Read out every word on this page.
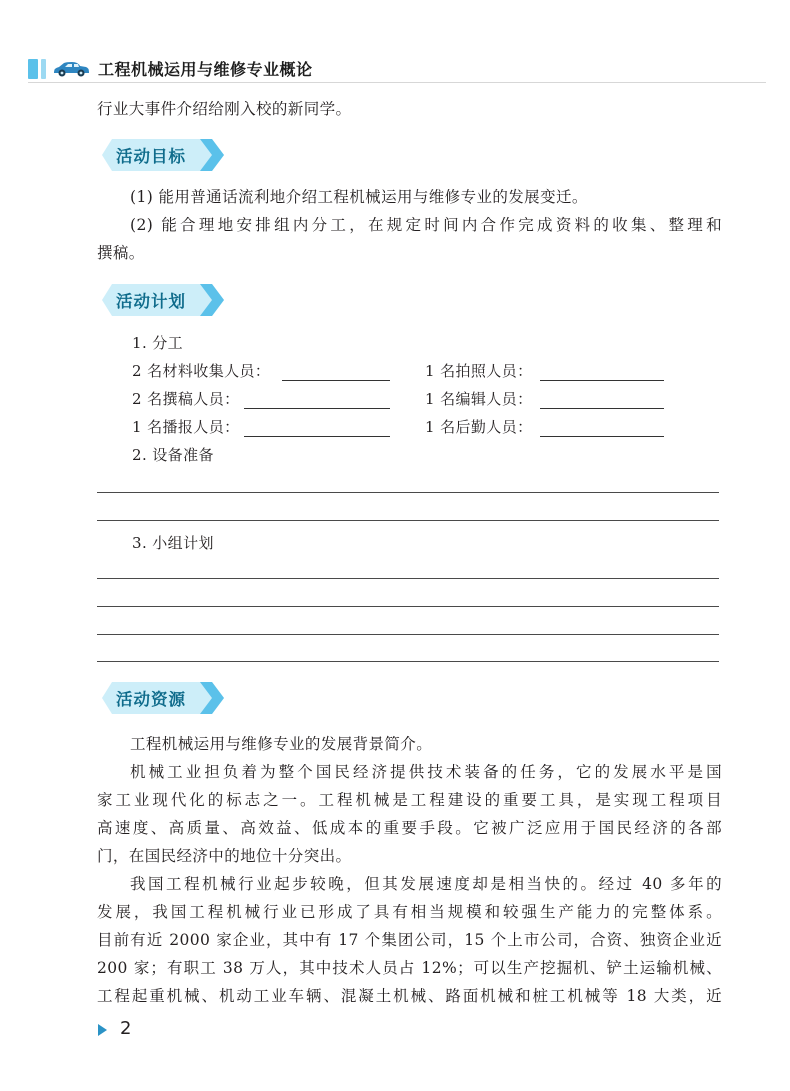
工程机械运用与维修专业概论
行业大事件介绍给刚入校的新同学。
活动目标
(1) 能用普通话流利地介绍工程机械运用与维修专业的发展变迁。
(2) 能合理地安排组内分工，在规定时间内合作完成资料的收集、整理和
撰稿。
活动计划
1. 分工
2 名材料收集人员：	1 名拍照人员：
2 名撰稿人员：	1 名编辑人员：
1 名播报人员：	1 名后勤人员：
2. 设备准备
3. 小组计划
活动资源
工程机械运用与维修专业的发展背景简介。
机械工业担负着为整个国民经济提供技术装备的任务，它的发展水平是国
家工业现代化的标志之一。工程机械是工程建设的重要工具，是实现工程项目
高速度、高质量、高效益、低成本的重要手段。它被广泛应用于国民经济的各部
门，在国民经济中的地位十分突出。
我国工程机械行业起步较晚，但其发展速度却是相当快的。经过 40 多年的
发展，我国工程机械行业已形成了具有相当规模和较强生产能力的完整体系。
目前有近 2000 家企业，其中有 17 个集团公司，15 个上市公司，合资、独资企业近
200 家；有职工 38 万人，其中技术人员占 12%；可以生产挖掘机、铲土运输机械、
工程起重机械、机动工业车辆、混凝土机械、路面机械和桩工机械等 18 大类，近
2
